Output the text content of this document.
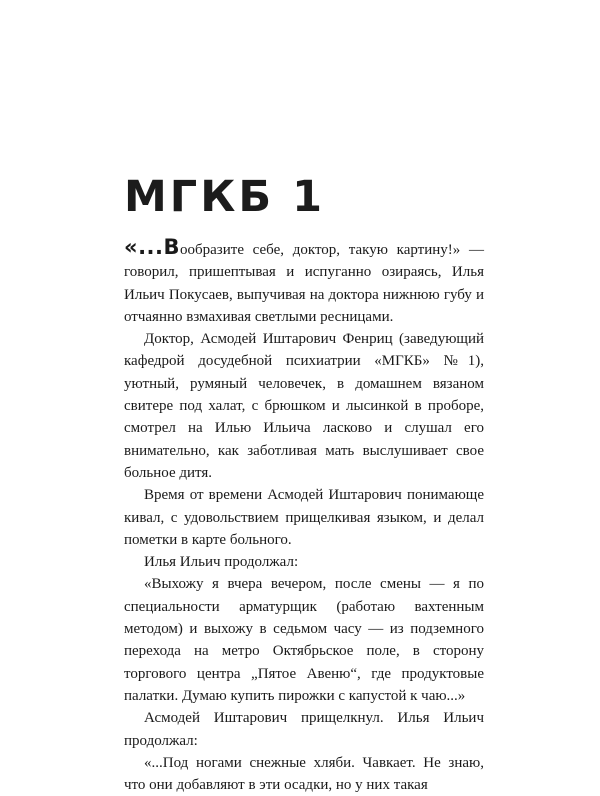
МГКБ 1

«...Вообразите себе, доктор, такую картину!» — говорил, пришептывая и испуганно озираясь, Илья Ильич Покусаев, выпучивая на доктора нижнюю губу и отчаянно взмахивая светлыми ресницами.

Доктор, Асмодей Иштарович Фенриц (заведующий кафедрой досудебной психиатрии «МГКБ» №1), уютный, румяный человечек, в домашнем вязаном свитере под халат, с брюшком и лысинкой в проборе, смотрел на Илью Ильича ласково и слушал его внимательно, как заботливая мать выслушивает свое больное дитя.

Время от времени Асмодей Иштарович понимающе кивал, с удовольствием прищелкивая языком, и делал пометки в карте больного.

Илья Ильич продолжал:

«Выхожу я вчера вечером, после смены — я по специальности арматурщик (работаю вахтенным методом) и выхожу в седьмом часу — из подземного перехода на метро Октябрьское поле, в сторону торгового центра „Пятое Авеню“, где продуктовые палатки. Думаю купить пирожки с капустой к чаю...»

Асмодей Иштарович прищелкнул. Илья Ильич продолжал:

«...Под ногами снежные хляби. Чавкает. Не знаю, что они добавляют в эти осадки, но у них такая
